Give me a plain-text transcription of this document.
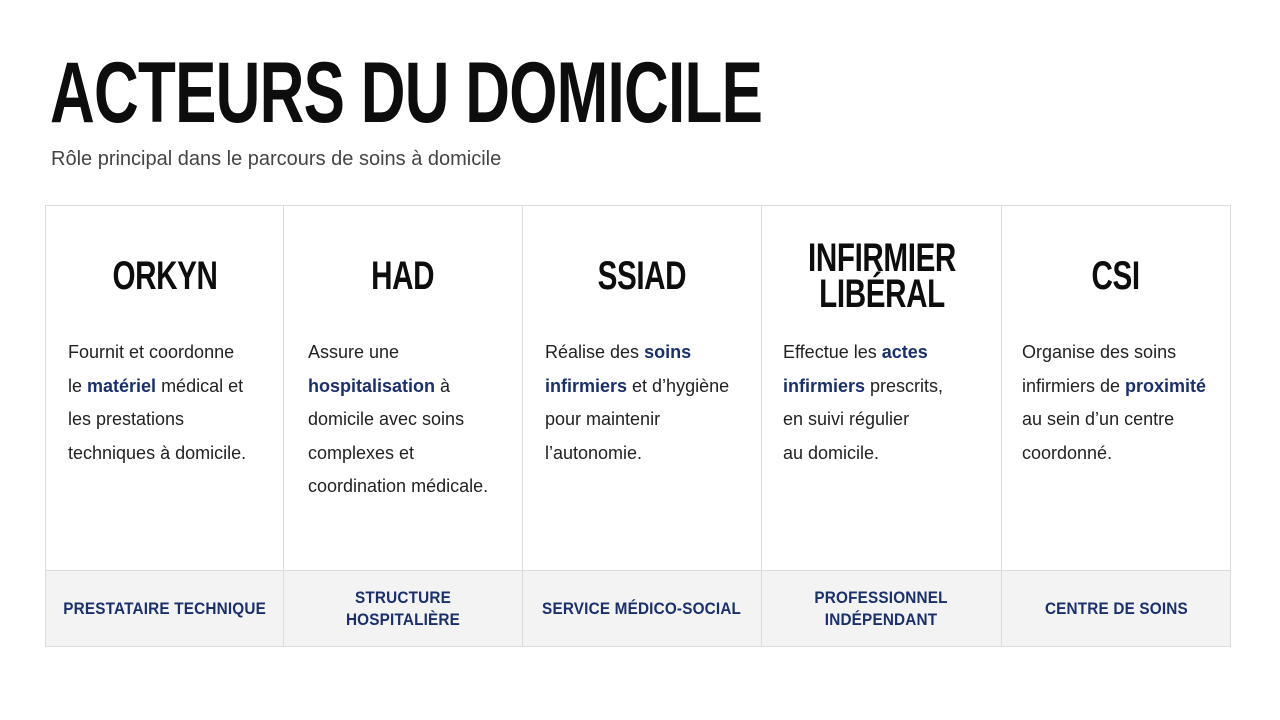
ACTEURS DU DOMICILE
Rôle principal dans le parcours de soins à domicile
ORKYN
Fournit et coordonne
le matériel médical et
les prestations
techniques à domicile.
PRESTATAIRE TECHNIQUE
HAD
Assure une
hospitalisation à
domicile avec soins
complexes et
coordination médicale.
STRUCTURE HOSPITALIÈRE
SSIAD
Réalise des soins
infirmiers et d’hygiène
pour maintenir
l’autonomie.
SERVICE MÉDICO-SOCIAL
INFIRMIER
LIBÉRAL
Effectue les actes
infirmiers prescrits,
en suivi régulier
au domicile.
PROFESSIONNEL
INDÉPENDANT
CSI
Organise des soins
infirmiers de proximité
au sein d’un centre
coordonné.
CENTRE DE SOINS
